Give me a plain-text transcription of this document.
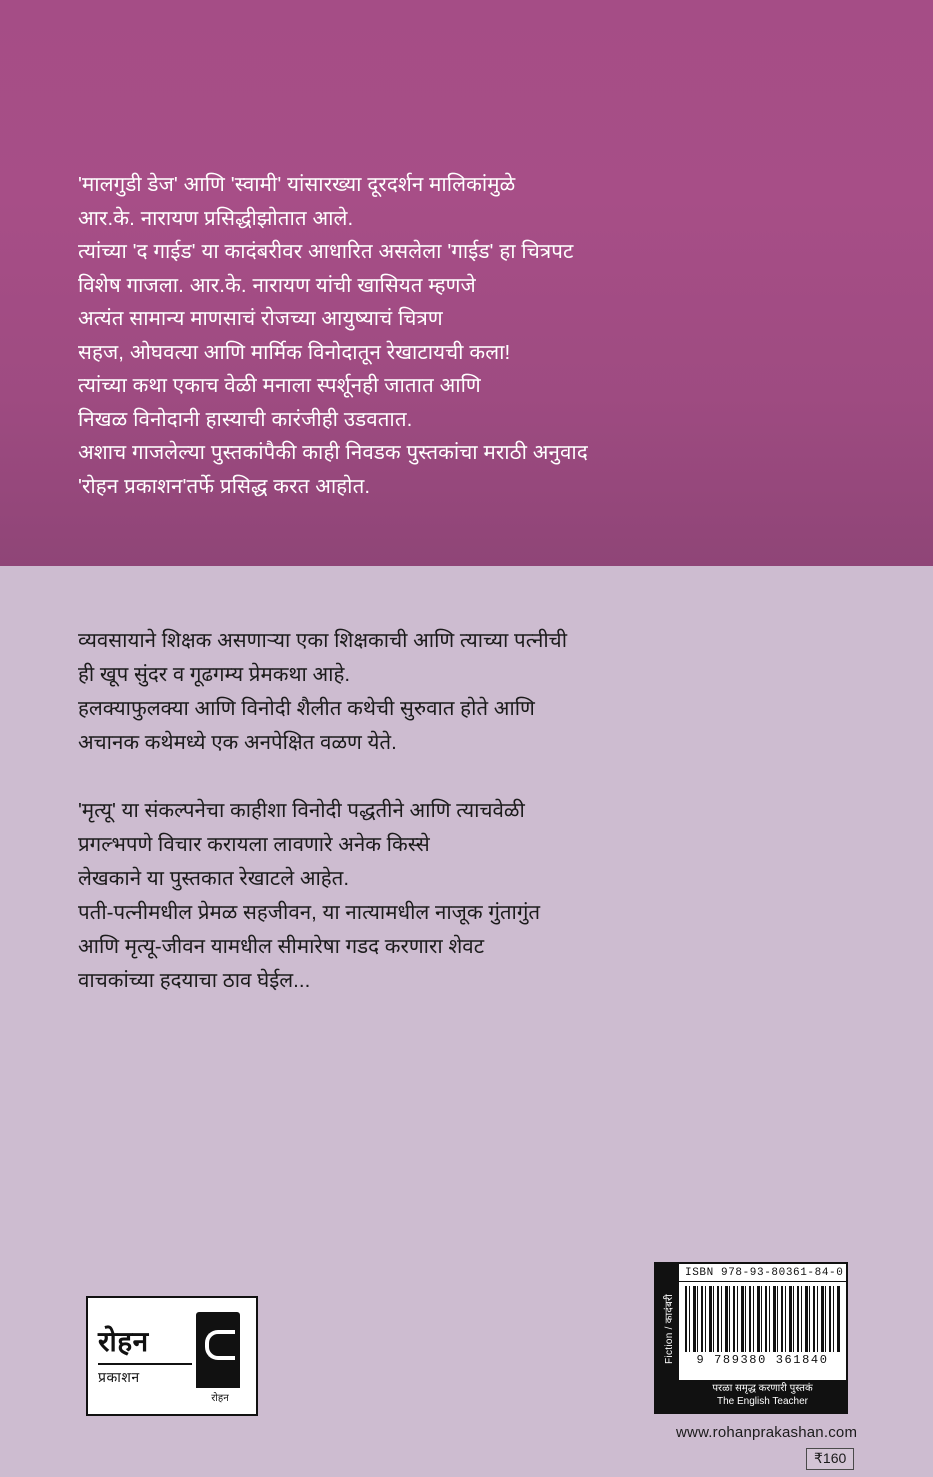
'मालगुडी डेज' आणि 'स्वामी' यांसारख्या दूरदर्शन मालिकांमुळे
आर.के. नारायण प्रसिद्धीझोतात आले.
त्यांच्या 'द गाईड' या कादंबरीवर आधारित असलेला 'गाईड' हा चित्रपट
विशेष गाजला. आर.के. नारायण यांची खासियत म्हणजे
अत्यंत सामान्य माणसाचं रोजच्या आयुष्याचं चित्रण
सहज, ओघवत्या आणि मार्मिक विनोदातून रेखाटायची कला!
त्यांच्या कथा एकाच वेळी मनाला स्पर्शूनही जातात आणि
निखळ विनोदानी हास्याची कारंजीही उडवतात.
अशाच गाजलेल्या पुस्तकांपैकी काही निवडक पुस्तकांचा मराठी अनुवाद
'रोहन प्रकाशन'तर्फे प्रसिद्ध करत आहोत.
व्यवसायाने शिक्षक असणाऱ्या एका शिक्षकाची आणि त्याच्या पत्नीची
ही खूप सुंदर व गूढगम्य प्रेमकथा आहे.
हलक्याफुलक्या आणि विनोदी शैलीत कथेची सुरुवात होते आणि
अचानक कथेमध्ये एक अनपेक्षित वळण येते.
'मृत्यू' या संकल्पनेचा काहीशा विनोदी पद्धतीने आणि त्याचवेळी
प्रगल्भपणे विचार करायला लावणारे अनेक किस्से
लेखकाने या पुस्तकात रेखाटले आहेत.
पती-पत्नीमधील प्रेमळ सहजीवन, या नात्यामधील नाजूक गुंतागुंत
आणि मृत्यू-जीवन यामधील सीमारेषा गडद करणारा शेवट
वाचकांच्या हदयाचा ठाव घेईल...
रोहन
प्रकाशन
रोहन
Fiction / कादंबरी
ISBN 978-93-80361-84-0
9 789380 361840
परळा समृद्ध करणारी पुस्तकं
The English Teacher
www.rohanprakashan.com
₹160
